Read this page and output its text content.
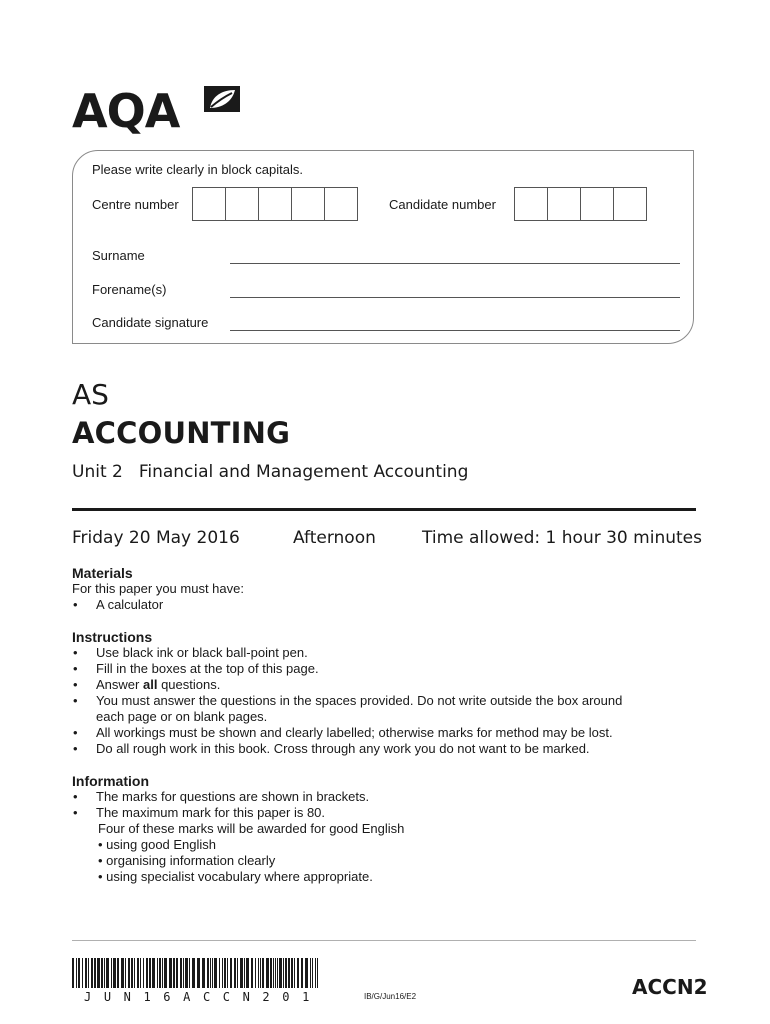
AQA
Please write clearly in block capitals.
Centre number	Candidate number
Surname
Forename(s)
Candidate signature
AS
ACCOUNTING
Unit 2 Financial and Management Accounting
Friday 20 May 2016	Afternoon	Time allowed: 1 hour 30 minutes
Materials
For this paper you must have:
• A calculator
Instructions
• Use black ink or black ball-point pen.
• Fill in the boxes at the top of this page.
• Answer all questions.
• You must answer the questions in the spaces provided. Do not write outside the box around
each page or on blank pages.
• All workings must be shown and clearly labelled; otherwise marks for method may be lost.
• Do all rough work in this book. Cross through any work you do not want to be marked.
Information
• The marks for questions are shown in brackets.
• The maximum mark for this paper is 80.
Four of these marks will be awarded for good English
• using good English
• organising information clearly
• using specialist vocabulary where appropriate.
JUN16ACCN201	IB/G/Jun16/E2	ACCN2
